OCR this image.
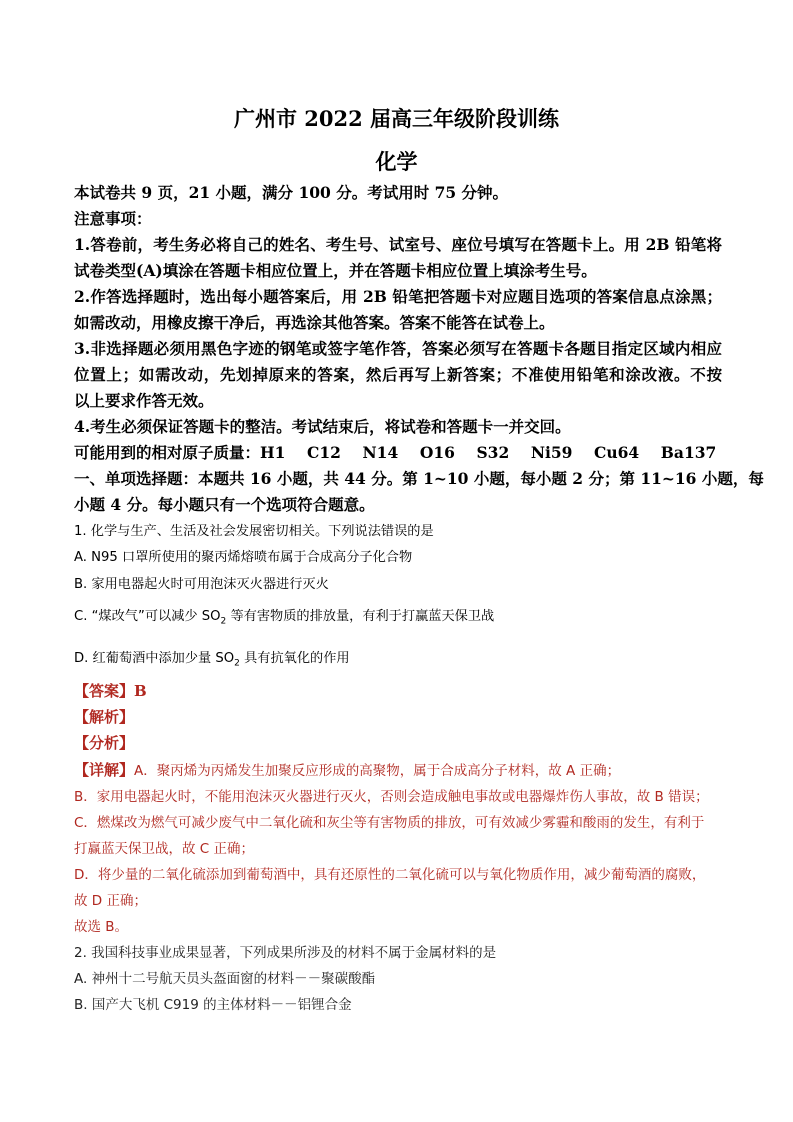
广州市 2022 届高三年级阶段训练
化学
本试卷共 9 页，21 小题，满分 100 分。考试用时 75 分钟。
注意事项：
1.答卷前，考生务必将自己的姓名、考生号、试室号、座位号填写在答题卡上。用 2B 铅笔将
试卷类型(A)填涂在答题卡相应位置上，并在答题卡相应位置上填涂考生号。
2.作答选择题时，选出每小题答案后，用 2B 铅笔把答题卡对应题目选项的答案信息点涂黑；
如需改动，用橡皮擦干净后，再选涂其他答案。答案不能答在试卷上。
3.非选择题必须用黑色字迹的钢笔或签字笔作答，答案必须写在答题卡各题目指定区域内相应
位置上；如需改动，先划掉原来的答案，然后再写上新答案；不准使用铅笔和涂改液。不按
以上要求作答无效。
4.考生必须保证答题卡的整洁。考试结束后，将试卷和答题卡一并交回。
可能用到的相对原子质量：H1    C12    N14    O16    S32    Ni59    Cu64    Ba137
一、单项选择题：本题共 16 小题，共 44 分。第 1~10 小题，每小题 2 分；第 11~16 小题，每
小题 4 分。每小题只有一个选项符合题意。
1. 化学与生产、生活及社会发展密切相关。下列说法错误的是
A. N95 口罩所使用的聚丙烯熔喷布属于合成高分子化合物
B. 家用电器起火时可用泡沫灭火器进行灭火
C. “煤改气”可以减少 $SO_2$ 等有害物质的排放量，有利于打赢蓝天保卫战
D. 红葡萄酒中添加少量 $SO_2$ 具有抗氧化的作用
【答案】B
【解析】
【分析】
【详解】A．聚丙烯为丙烯发生加聚反应形成的高聚物，属于合成高分子材料，故 A 正确；
B．家用电器起火时，不能用泡沫灭火器进行灭火，否则会造成触电事故或电器爆炸伤人事故，故 B 错误；
C．燃煤改为燃气可减少废气中二氧化硫和灰尘等有害物质的排放，可有效减少雾霾和酸雨的发生，有利于
打赢蓝天保卫战，故 C 正确；
D．将少量的二氧化硫添加到葡萄酒中，具有还原性的二氧化硫可以与氧化物质作用，减少葡萄酒的腐败，
故 D 正确；
故选 B。
2. 我国科技事业成果显著，下列成果所涉及的材料不属于金属材料的是
A. 神州十二号航天员头盔面窗的材料－－聚碳酸酯
B. 国产大飞机 C919 的主体材料－－铝锂合金
